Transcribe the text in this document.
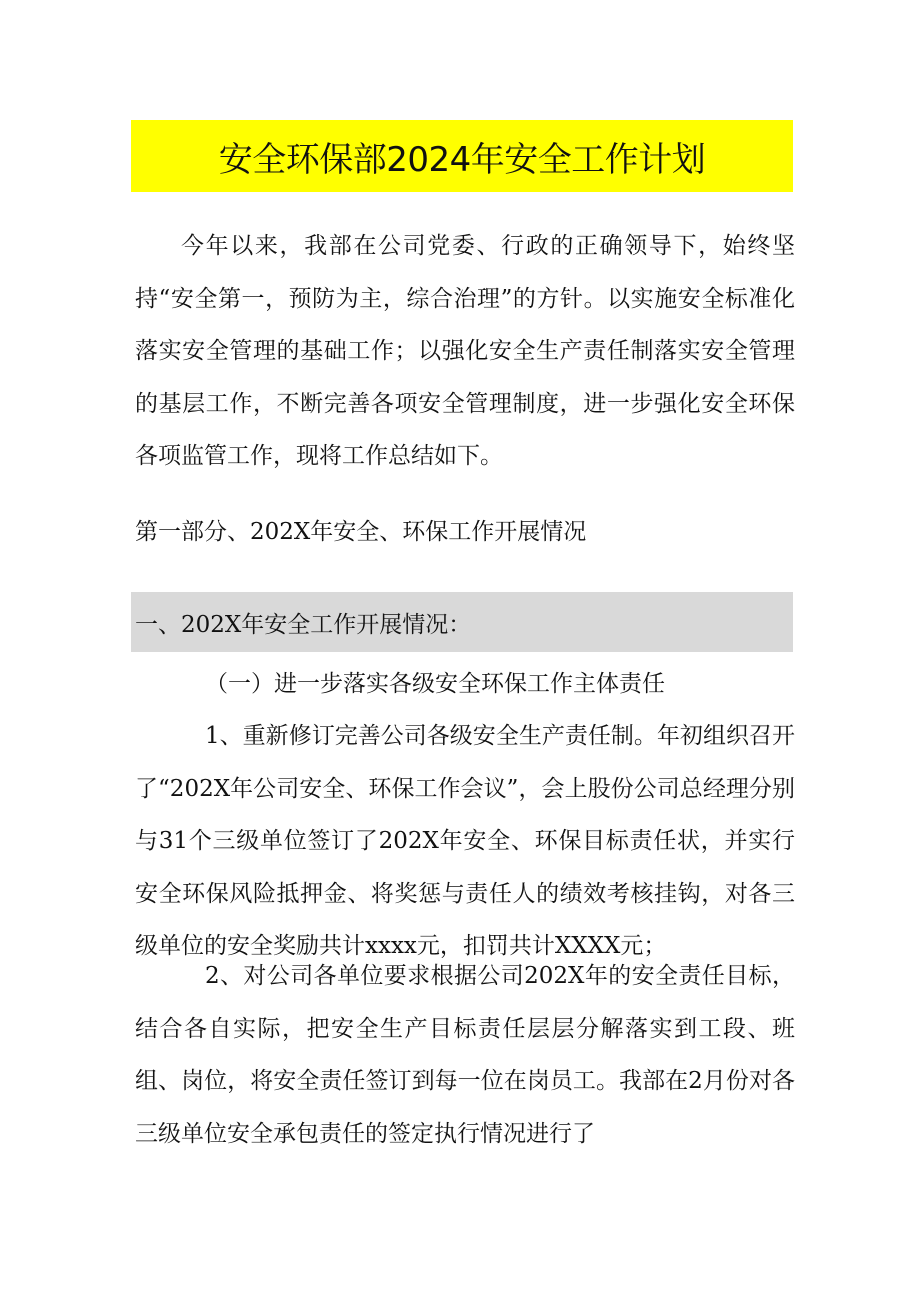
安全环保部2024年安全工作计划

今年以来，我部在公司党委、行政的正确领导下，始终坚持“安全第一，预防为主，综合治理”的方针。以实施安全标准化落实安全管理的基础工作；以强化安全生产责任制落实安全管理的基层工作，不断完善各项安全管理制度，进一步强化安全环保各项监管工作，现将工作总结如下。

第一部分、202X年安全、环保工作开展情况

一、202X年安全工作开展情况：

（一）进一步落实各级安全环保工作主体责任

1、重新修订完善公司各级安全生产责任制。年初组织召开了“202X年公司安全、环保工作会议”，会上股份公司总经理分别与31个三级单位签订了202X年安全、环保目标责任状，并实行安全环保风险抵押金、将奖惩与责任人的绩效考核挂钩，对各三级单位的安全奖励共计xxxx元，扣罚共计XXXX元；

2、对公司各单位要求根据公司202X年的安全责任目标，结合各自实际，把安全生产目标责任层层分解落实到工段、班组、岗位，将安全责任签订到每一位在岗员工。我部在2月份对各三级单位安全承包责任的签定执行情况进行了
